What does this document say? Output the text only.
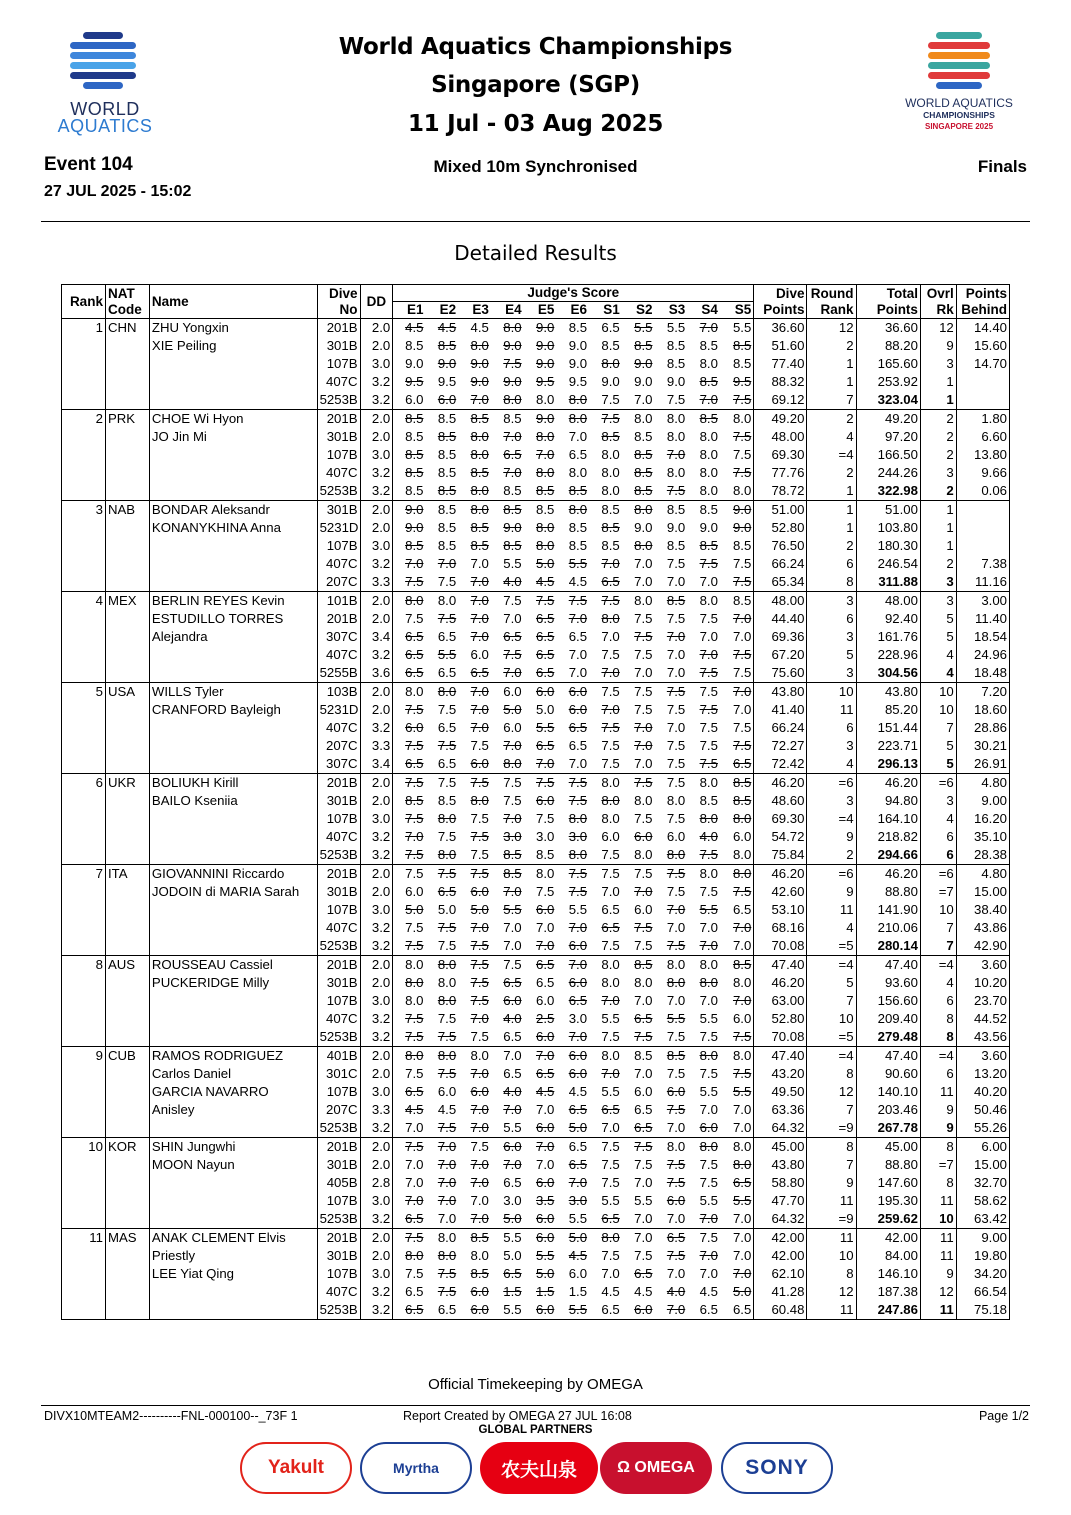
WORLD
AQUATICS
WORLD AQUATICS
CHAMPIONSHIPS
SINGAPORE 2025
World Aquatics Championships
Singapore (SGP)
11 Jul - 03 Aug 2025
Event 104
27 JUL 2025 - 15:02
Mixed 10m Synchronised	Finals
Detailed Results
Rank	NAT	Name	Dive	DD	Judge's Score											Dive	Round	Total	Ovrl	Points
	Code		No		E1	E2	E3	E4	E5	E6	S1	S2	S3	S4	S5	Points	Rank	Points	Rk	Behind
1	CHN	ZHU Yongxin	201B	2.0	4.5	4.5	4.5	8.0	9.0	8.5	6.5	5.5	5.5	7.0	5.5	36.60	12	36.60	12	14.40
		XIE Peiling	301B	2.0	8.5	8.5	8.0	9.0	9.0	9.0	8.5	8.5	8.5	8.5	8.5	51.60	2	88.20	9	15.60
			107B	3.0	9.0	9.0	9.0	7.5	9.0	9.0	8.0	9.0	8.5	8.0	8.5	77.40	1	165.60	3	14.70
			407C	3.2	9.5	9.5	9.0	9.0	9.5	9.5	9.0	9.0	9.0	8.5	9.5	88.32	1	253.92	1	
			5253B	3.2	6.0	6.0	7.0	8.0	8.0	8.0	7.5	7.0	7.5	7.0	7.5	69.12	7	323.04	1	
2	PRK	CHOE Wi Hyon	201B	2.0	8.5	8.5	8.5	8.5	9.0	8.0	7.5	8.0	8.0	8.5	8.0	49.20	2	49.20	2	1.80
		JO Jin Mi	301B	2.0	8.5	8.5	8.0	7.0	8.0	7.0	8.5	8.5	8.0	8.0	7.5	48.00	4	97.20	2	6.60
			107B	3.0	8.5	8.5	8.0	6.5	7.0	6.5	8.0	8.5	7.0	8.0	7.5	69.30	=4	166.50	2	13.80
			407C	3.2	8.5	8.5	8.5	7.0	8.0	8.0	8.0	8.5	8.0	8.0	7.5	77.76	2	244.26	3	9.66
			5253B	3.2	8.5	8.5	8.0	8.5	8.5	8.5	8.0	8.5	7.5	8.0	8.0	78.72	1	322.98	2	0.06
3	NAB	BONDAR Aleksandr	301B	2.0	9.0	8.5	8.0	8.5	8.5	8.0	8.5	8.0	8.5	8.5	9.0	51.00	1	51.00	1	
		KONANYKHINA Anna	5231D	2.0	9.0	8.5	8.5	9.0	8.0	8.5	8.5	9.0	9.0	9.0	9.0	52.80	1	103.80	1	
			107B	3.0	8.5	8.5	8.5	8.5	8.0	8.5	8.5	8.0	8.5	8.5	8.5	76.50	2	180.30	1	
			407C	3.2	7.0	7.0	7.0	5.5	5.0	5.5	7.0	7.0	7.5	7.5	7.5	66.24	6	246.54	2	7.38
			207C	3.3	7.5	7.5	7.0	4.0	4.5	4.5	6.5	7.0	7.0	7.0	7.5	65.34	8	311.88	3	11.16
4	MEX	BERLIN REYES Kevin	101B	2.0	8.0	8.0	7.0	7.5	7.5	7.5	7.5	8.0	8.5	8.0	8.5	48.00	3	48.00	3	3.00
		ESTUDILLO TORRES	201B	2.0	7.5	7.5	7.0	7.0	6.5	7.0	8.0	7.5	7.5	7.5	7.0	44.40	6	92.40	5	11.40
		Alejandra	307C	3.4	6.5	6.5	7.0	6.5	6.5	6.5	7.0	7.5	7.0	7.0	7.0	69.36	3	161.76	5	18.54
			407C	3.2	6.5	5.5	6.0	7.5	6.5	7.0	7.5	7.5	7.0	7.0	7.5	67.20	5	228.96	4	24.96
			5255B	3.6	6.5	6.5	6.5	7.0	6.5	7.0	7.0	7.0	7.0	7.5	7.5	75.60	3	304.56	4	18.48
5	USA	WILLS Tyler	103B	2.0	8.0	8.0	7.0	6.0	6.0	6.0	7.5	7.5	7.5	7.5	7.0	43.80	10	43.80	10	7.20
		CRANFORD Bayleigh	5231D	2.0	7.5	7.5	7.0	5.0	5.0	6.0	7.0	7.5	7.5	7.5	7.0	41.40	11	85.20	10	18.60
			407C	3.2	6.0	6.5	7.0	6.0	5.5	6.5	7.5	7.0	7.0	7.5	7.5	66.24	6	151.44	7	28.86
			207C	3.3	7.5	7.5	7.5	7.0	6.5	6.5	7.5	7.0	7.5	7.5	7.5	72.27	3	223.71	5	30.21
			307C	3.4	6.5	6.5	6.0	8.0	7.0	7.0	7.5	7.0	7.5	7.5	6.5	72.42	4	296.13	5	26.91
6	UKR	BOLIUKH Kirill	201B	2.0	7.5	7.5	7.5	7.5	7.5	7.5	8.0	7.5	7.5	8.0	8.5	46.20	=6	46.20	=6	4.80
		BAILO Kseniia	301B	2.0	8.5	8.5	8.0	7.5	6.0	7.5	8.0	8.0	8.0	8.5	8.5	48.60	3	94.80	3	9.00
			107B	3.0	7.5	8.0	7.5	7.0	7.5	8.0	8.0	7.5	7.5	8.0	8.0	69.30	=4	164.10	4	16.20
			407C	3.2	7.0	7.5	7.5	3.0	3.0	3.0	6.0	6.0	6.0	4.0	6.0	54.72	9	218.82	6	35.10
			5253B	3.2	7.5	8.0	7.5	8.5	8.5	8.0	7.5	8.0	8.0	7.5	8.0	75.84	2	294.66	6	28.38
7	ITA	GIOVANNINI Riccardo	201B	2.0	7.5	7.5	7.5	8.5	8.0	7.5	7.5	7.5	7.5	8.0	8.0	46.20	=6	46.20	=6	4.80
		JODOIN di MARIA Sarah	301B	2.0	6.0	6.5	6.0	7.0	7.5	7.5	7.0	7.0	7.5	7.5	7.5	42.60	9	88.80	=7	15.00
			107B	3.0	5.0	5.0	5.0	5.5	6.0	5.5	6.5	6.0	7.0	5.5	6.5	53.10	11	141.90	10	38.40
			407C	3.2	7.5	7.5	7.0	7.0	7.0	7.0	6.5	7.5	7.0	7.0	7.0	68.16	4	210.06	7	43.86
			5253B	3.2	7.5	7.5	7.5	7.0	7.0	6.0	7.5	7.5	7.5	7.0	7.0	70.08	=5	280.14	7	42.90
8	AUS	ROUSSEAU Cassiel	201B	2.0	8.0	8.0	7.5	7.5	6.5	7.0	8.0	8.5	8.0	8.0	8.5	47.40	=4	47.40	=4	3.60
		PUCKERIDGE Milly	301B	2.0	8.0	8.0	7.5	6.5	6.5	6.0	8.0	8.0	8.0	8.0	8.0	46.20	5	93.60	4	10.20
			107B	3.0	8.0	8.0	7.5	6.0	6.0	6.5	7.0	7.0	7.0	7.0	7.0	63.00	7	156.60	6	23.70
			407C	3.2	7.5	7.5	7.0	4.0	2.5	3.0	5.5	6.5	5.5	5.5	6.0	52.80	10	209.40	8	44.52
			5253B	3.2	7.5	7.5	7.5	6.5	6.0	7.0	7.5	7.5	7.5	7.5	7.5	70.08	=5	279.48	8	43.56
9	CUB	RAMOS RODRIGUEZ	401B	2.0	8.0	8.0	8.0	7.0	7.0	6.0	8.0	8.5	8.5	8.0	8.0	47.40	=4	47.40	=4	3.60
		Carlos Daniel	301C	2.0	7.5	7.5	7.0	6.5	6.5	6.0	7.0	7.0	7.5	7.5	7.5	43.20	8	90.60	6	13.20
		GARCIA NAVARRO	107B	3.0	6.5	6.0	6.0	4.0	4.5	4.5	5.5	6.0	6.0	5.5	5.5	49.50	12	140.10	11	40.20
		Anisley	207C	3.3	4.5	4.5	7.0	7.0	7.0	6.5	6.5	6.5	7.5	7.0	7.0	63.36	7	203.46	9	50.46
			5253B	3.2	7.0	7.5	7.0	5.5	6.0	5.0	7.0	6.5	7.0	6.0	7.0	64.32	=9	267.78	9	55.26
10	KOR	SHIN Jungwhi	201B	2.0	7.5	7.0	7.5	6.0	7.0	6.5	7.5	7.5	8.0	8.0	8.0	45.00	8	45.00	8	6.00
		MOON Nayun	301B	2.0	7.0	7.0	7.0	7.0	7.0	6.5	7.5	7.5	7.5	7.5	8.0	43.80	7	88.80	=7	15.00
			405B	2.8	7.0	7.0	7.0	6.5	6.0	7.0	7.5	7.0	7.5	7.5	6.5	58.80	9	147.60	8	32.70
			107B	3.0	7.0	7.0	7.0	3.0	3.5	3.0	5.5	5.5	6.0	5.5	5.5	47.70	11	195.30	11	58.62
			5253B	3.2	6.5	7.0	7.0	5.0	6.0	5.5	6.5	7.0	7.0	7.0	7.0	64.32	=9	259.62	10	63.42
11	MAS	ANAK CLEMENT Elvis	201B	2.0	7.5	8.0	8.5	5.5	6.0	5.0	8.0	7.0	6.5	7.5	7.0	42.00	11	42.00	11	9.00
		Priestly	301B	2.0	8.0	8.0	8.0	5.0	5.5	4.5	7.5	7.5	7.5	7.0	7.0	42.00	10	84.00	11	19.80
		LEE Yiat Qing	107B	3.0	7.5	7.5	8.5	6.5	5.0	6.0	7.0	6.5	7.0	7.0	7.0	62.10	8	146.10	9	34.20
			407C	3.2	6.5	7.5	6.0	1.5	1.5	1.5	4.5	4.5	4.0	4.5	5.0	41.28	12	187.38	12	66.54
			5253B	3.2	6.5	6.5	6.0	5.5	6.0	5.5	6.5	6.0	7.0	6.5	6.5	60.48	11	247.86	11	75.18
Official Timekeeping by OMEGA
DIVX10MTEAM2----------FNL-000100--_73F 1	Report Created by OMEGA 27 JUL 16:08	Page 1/2
GLOBAL PARTNERS
Yakult	Myrtha	农夫山泉	Ω OMEGA	SONY
